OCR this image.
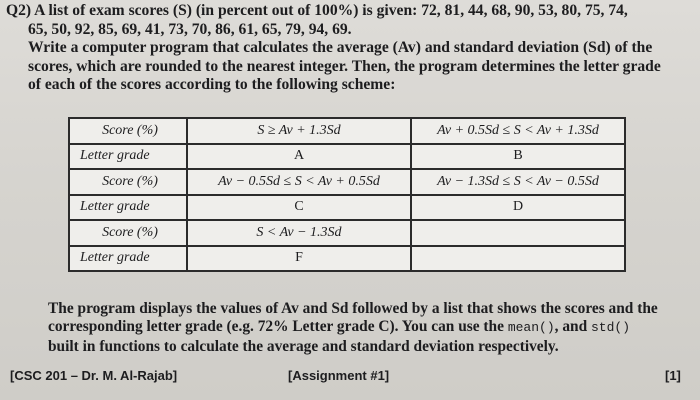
Q2) A list of exam scores (S) (in percent out of 100%) is given: 72, 81, 44, 68, 90, 53, 80, 75, 74,
65, 50, 92, 85, 69, 41, 73, 70, 86, 61, 65, 79, 94, 69.
Write a computer program that calculates the average (Av) and standard deviation (Sd) of the
scores, which are rounded to the nearest integer. Then, the program determines the letter grade
of each of the scores according to the following scheme:
Score (%)	S ≥ Av + 1.3Sd	Av + 0.5Sd ≤ S < Av + 1.3Sd
Letter grade	A	B
Score (%)	Av − 0.5Sd ≤ S < Av + 0.5Sd	Av − 1.3Sd ≤ S < Av − 0.5Sd
Letter grade	C	D
Score (%)	S < Av − 1.3Sd	
Letter grade	F	
The program displays the values of Av and Sd followed by a list that shows the scores and the
corresponding letter grade (e.g. 72% Letter grade C). You can use the mean(), and std()
built in functions to calculate the average and standard deviation respectively.
[CSC 201 – Dr. M. Al-Rajab]	[Assignment #1]	[1]
